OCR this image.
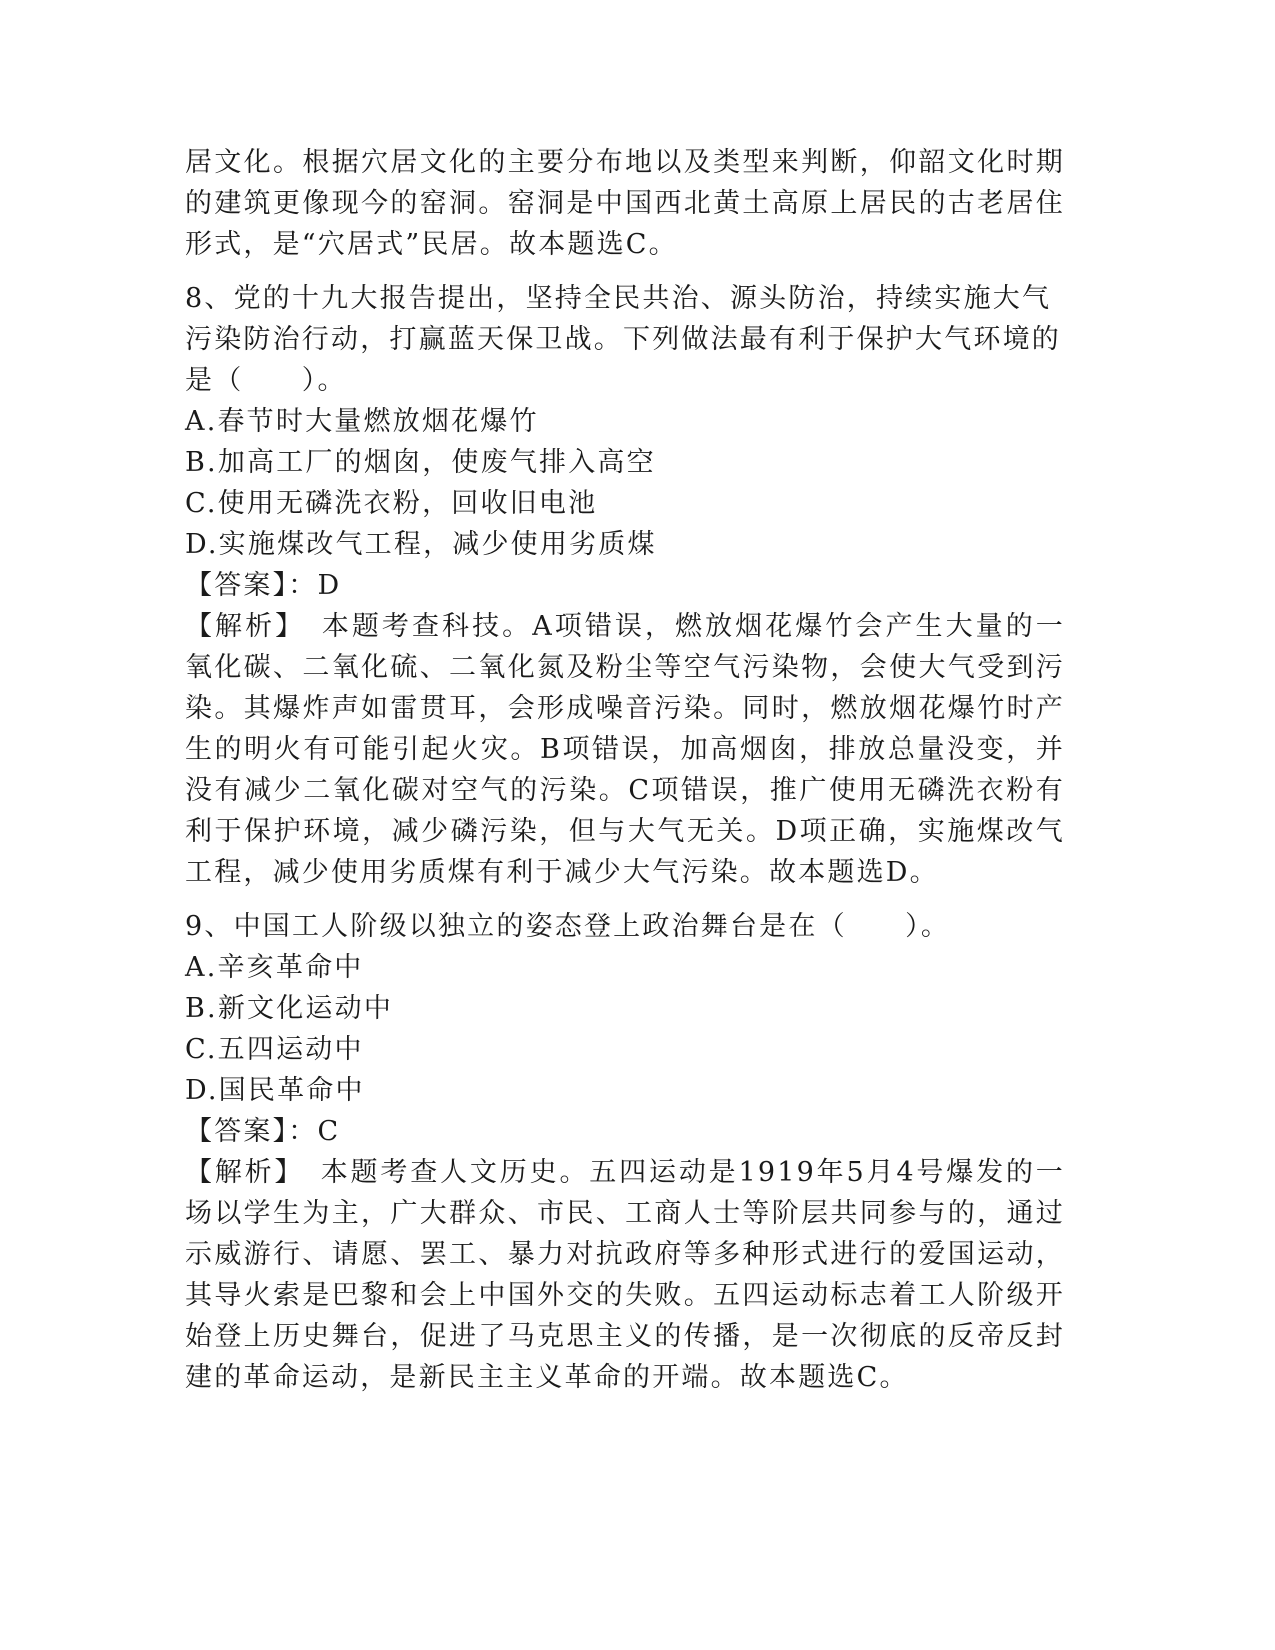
居文化。根据穴居文化的主要分布地以及类型来判断，仰韶文化时期的建筑更像现今的窑洞。窑洞是中国西北黄土高原上居民的古老居住形式，是“穴居式”民居。故本题选C。

8、党的十九大报告提出，坚持全民共治、源头防治，持续实施大气污染防治行动，打赢蓝天保卫战。下列做法最有利于保护大气环境的是（　　）。

A.春节时大量燃放烟花爆竹

B.加高工厂的烟囱，使废气排入高空

C.使用无磷洗衣粉，回收旧电池

D.实施煤改气工程，减少使用劣质煤

【答案】：D

【解析】　 本题考查科技。A项错误，燃放烟花爆竹会产生大量的一氧化碳、二氧化硫、二氧化氮及粉尘等空气污染物，会使大气受到污染。其爆炸声如雷贯耳，会形成噪音污染。同时，燃放烟花爆竹时产生的明火有可能引起火灾。B项错误，加高烟囱，排放总量没变，并没有减少二氧化碳对空气的污染。C项错误，推广使用无磷洗衣粉有利于保护环境，减少磷污染，但与大气无关。D项正确，实施煤改气工程，减少使用劣质煤有利于减少大气污染。故本题选D。

9、中国工人阶级以独立的姿态登上政治舞台是在（　　）。

A.辛亥革命中

B.新文化运动中

C.五四运动中

D.国民革命中

【答案】：C

【解析】　 本题考查人文历史。五四运动是1919年5月4号爆发的一场以学生为主，广大群众、市民、工商人士等阶层共同参与的，通过示威游行、请愿、罢工、暴力对抗政府等多种形式进行的爱国运动，其导火索是巴黎和会上中国外交的失败。五四运动标志着工人阶级开始登上历史舞台，促进了马克思主义的传播，是一次彻底的反帝反封建的革命运动，是新民主主义革命的开端。故本题选C。
